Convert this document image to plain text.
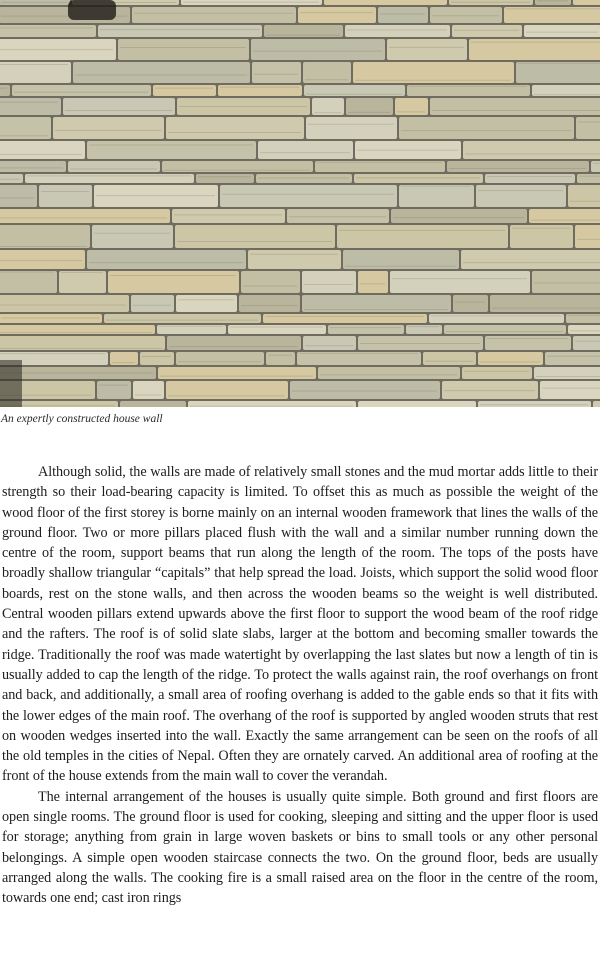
An expertly constructed house wall

Although solid, the walls are made of relatively small stones and the mud mortar adds little to their strength so their load-bearing capacity is limited. To offset this as much as possible the weight of the wood floor of the first storey is borne mainly on an internal wooden framework that lines the walls of the ground floor. Two or more pillars placed flush with the wall and a similar number running down the centre of the room, support beams that run along the length of the room. The tops of the posts have broadly shallow triangular “capitals” that help spread the load. Joists, which support the solid wood floor boards, rest on the stone walls, and then across the wooden beams so the weight is well distributed. Central wooden pillars extend upwards above the first floor to support the wood beam of the roof ridge and the rafters. The roof is of solid slate slabs, larger at the bottom and becoming smaller towards the ridge. Traditionally the roof was made watertight by overlapping the last slates but now a length of tin is usually added to cap the length of the ridge. To protect the walls against rain, the roof overhangs on front and back, and additionally, a small area of roofing overhang is added to the gable ends so that it fits with the lower edges of the main roof. The overhang of the roof is supported by angled wooden struts that rest on wooden wedges inserted into the wall. Exactly the same arrangement can be seen on the roofs of all the old temples in the cities of Nepal. Often they are ornately carved. An additional area of roofing at the front of the house extends from the main wall to cover the verandah.

The internal arrangement of the houses is usually quite simple. Both ground and first floors are open single rooms. The ground floor is used for cooking, sleeping and sitting and the upper floor is used for storage; anything from grain in large woven baskets or bins to small tools or any other personal belongings. A simple open wooden staircase connects the two. On the ground floor, beds are usually arranged along the walls. The cooking fire is a small raised area on the floor in the centre of the room, towards one end; cast iron rings
